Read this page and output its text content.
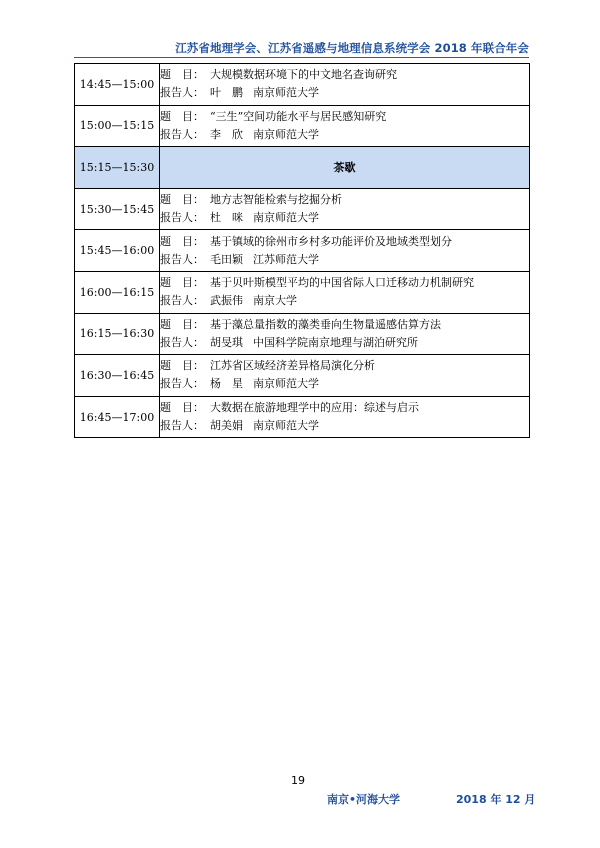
江苏省地理学会、江苏省遥感与地理信息系统学会 2018 年联合年会
14:45—15:00	题　目： 大规模数据环境下的中文地名查询研究
报告人： 叶　鹏 南京师范大学

15:00—15:15	题　目： “三生”空间功能水平与居民感知研究
报告人： 李　欣 南京师范大学

15:15—15:30	茶歇
15:30—15:45	题　目： 地方志智能检索与挖掘分析
报告人： 杜　咪 南京师范大学

15:45—16:00	题　目： 基于镇域的徐州市乡村多功能评价及地域类型划分
报告人： 毛田颖 江苏师范大学

16:00—16:15	题　目： 基于贝叶斯模型平均的中国省际人口迁移动力机制研究
报告人： 武振伟 南京大学

16:15—16:30	题　目： 基于藻总量指数的藻类垂向生物量遥感估算方法
报告人： 胡旻琪 中国科学院南京地理与湖泊研究所

16:30—16:45	题　目： 江苏省区域经济差异格局演化分析
报告人： 杨　星 南京师范大学

16:45—17:00	题　目： 大数据在旅游地理学中的应用：综述与启示
报告人： 胡美娟 南京师范大学
19
南京•河海大学	2018 年 12 月
